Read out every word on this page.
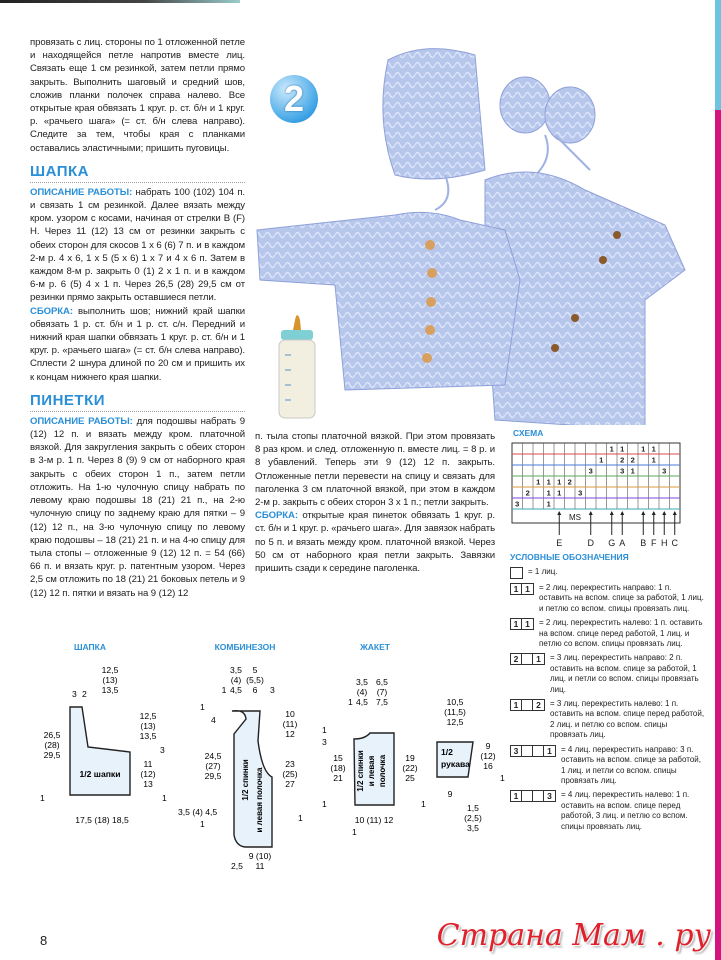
провязать с лиц. стороны по 1 отложенной петле и находящейся петле напротив вместе лиц. Связать еще 1 см резинкой, затем петли прямо закрыть. Выполнить шаговый и средний шов, сложив планки полочек справа налево. Все открытые края обвязать 1 круг. р. ст. б/н и 1 круг. р. «рачьего шага» (= ст. б/н слева направо). Следите за тем, чтобы края с планками оставались эластичными; пришить пуговицы.

ШАПКА

ОПИСАНИЕ РАБОТЫ: набрать 100 (102) 104 п. и связать 1 см резинкой. Далее вязать между кром. узором с косами, начиная от стрелки В (F) Н. Через 11 (12) 13 см от резинки закрыть с обеих сторон для скосов 1 х 6 (6) 7 п. и в каждом 2-м р. 4 х 6, 1 х 5 (5 х 6) 1 х 7 и 4 х 6 п. Затем в каждом 8-м р. закрыть 0 (1) 2 х 1 п. и в каждом 6-м р. 6 (5) 4 х 1 п. Через 26,5 (28) 29,5 см от резинки прямо закрыть оставшиеся петли.

СБОРКА: выполнить шов; нижний край шапки обвязать 1 р. ст. б/н и 1 р. ст. с/н. Передний и нижний края шапки обвязать 1 круг. р. ст. б/н и 1 круг. р. «рачьего шага» (= ст. б/н слева направо). Сплести 2 шнура длиной по 20 см и пришить их к концам нижнего края шапки.

ПИНЕТКИ

ОПИСАНИЕ РАБОТЫ: для подошвы набрать 9 (12) 12 п. и вязать между кром. платочной вязкой. Для закругления закрыть с обеих сторон в 3-м р. 1 п. Через 8 (9) 9 см от наборного края закрыть с обеих сторон 1 п., затем петли отложить. На 1-ю чулочную спицу набрать по левому краю подошвы 18 (21) 21 п., на 2-ю чулочную спицу по заднему краю для пятки – 9 (12) 12 п., на 3-ю чулочную спицу по левому краю подошвы – 18 (21) 21 п. и на 4-ю спицу для тыла стопы – отложенные 9 (12) 12 п. = 54 (66) 66 п. и вязать круг. р. патентным узором. Через 2,5 см отложить по 18 (21) 21 боковых петель и 9 (12) 12 п. пятки и вязать на 9 (12) 12

п. тыла стопы платочной вязкой. При этом провязать 8 раз кром. и след. отложенную п. вместе лиц. = 8 р. и 8 убавлений. Теперь эти 9 (12) 12 п. закрыть. Отложенные петли перевести на спицу и связать для паголенка 3 см платочной вязкой, при этом в каждом 2-м р. закрыть с обеих сторон 3 х 1 п.; петли закрыть.

СБОРКА: открытые края пинеток обвязать 1 круг. р. ст. б/н и 1 круг. р. «рачьего шага». Для завязок набрать по 5 п. и вязать между кром. платочной вязкой. Через 50 см от наборного края петли закрыть. Завязки пришить сзади к середине паголенка.

2
СХЕМА
1 1 1 1
1 2 2 1
3	3 1	3
1 1 1 2
2 1 1 3
3	1
MS
E	D G A B F H C
УСЛОВНЫЕ ОБОЗНАЧЕНИЯ
= 1 лиц.
1 1	= 2 лиц. перекрестить направо: 1 п. оставить на вспом. спице за работой, 1 лиц. и петлю со вспом. спицы провязать лиц.
1 1	= 2 лиц. перекрестить налево: 1 п. оставить на вспом. спице перед работой, 1 лиц. и петлю со вспом. спицы провязать лиц.
2	1	= 3 лиц. перекрестить направо: 2 п. оставить на вспом. спице за работой, 1 лиц. и петли со вспом. спицы провязать лиц.
1	2	= 3 лиц. перекрестить налево: 1 п. оставить на вспом. спице перед работой, 2 лиц. и петлю со вспом. спицы провязать лиц.
3	1	= 4 лиц. перекрестить направо: 3 п. оставить на вспом. спице за работой, 1 лиц. и петли со вспом. спицы провязать лиц.
1	3	= 4 лиц. перекрестить налево: 1 п. оставить на вспом. спице перед работой, 3 лиц. и петлю со вспом. спицы провязать лиц.
ШАПКА
3 2
12,5
(13)
13,5
26,5
(28)
29,5
12,5
(13)
13,5
3
11
(12)
13
1/2 шапки
1	1
17,5 (18) 18,5
КОМБИНЕЗОН
1
3,5
(4)
4,5
5
(5,5)
6 3
1
4
24,5
(27)
29,5
3,5 (4) 4,5
1
10
(11)
12
23
(25)
27
1
1/2 спинки и левая полочка
2,5
9 (10)
11
ЖАКЕТ
1
3,5
(4)
4,5
6,5
(7)
7,5
1
3
15
(18)
21
1
19
(22)
25
1
1/2 спинки и левая полочка
10 (11) 12
1
1/2
рукава
10,5
(11,5)
12,5
9
(12)
16
1
9
1,5
(2,5)
3,5
8	Страна Мам . ру
